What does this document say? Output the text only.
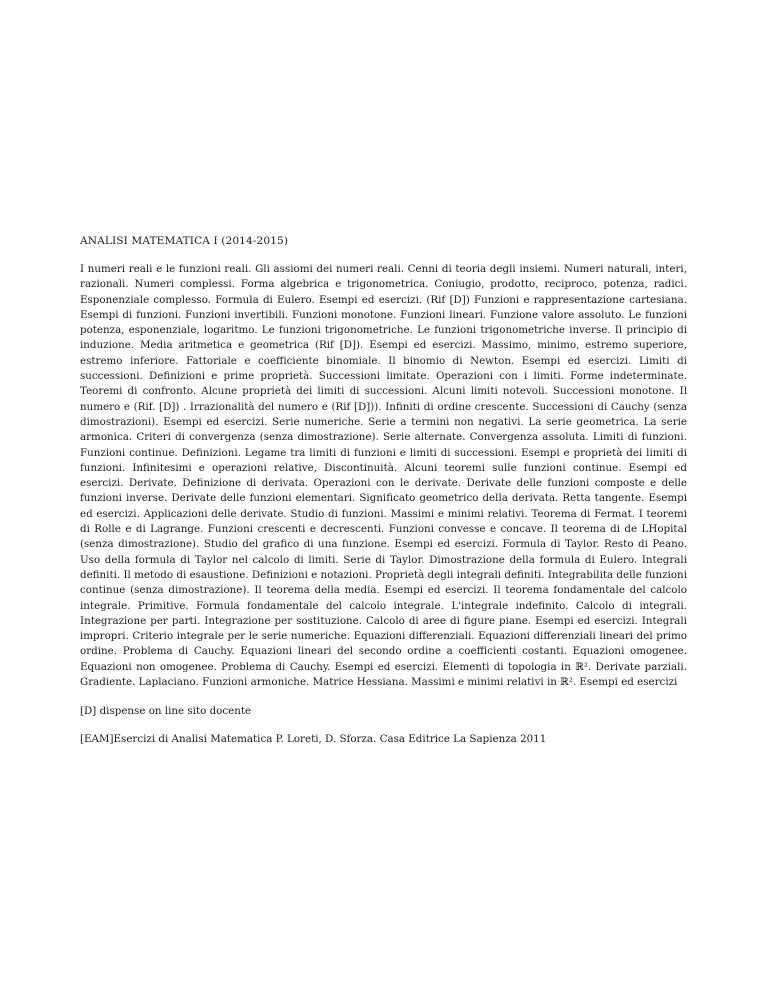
ANALISI MATEMATICA I (2014-2015)

I numeri reali e le funzioni reali. Gli assiomi dei numeri reali. Cenni di teoria degli insiemi. Numeri naturali, interi, razionali. Numeri complessi. Forma algebrica e trigonometrica. Coniugio, prodotto, reciproco, potenza, radici. Esponenziale complesso. Formula di Eulero. Esempi ed esercizi. (Rif [D]) Funzioni e rappresentazione cartesiana. Esempi di funzioni. Funzioni invertibili. Funzioni monotone. Funzioni lineari. Funzione valore assoluto. Le funzioni potenza, esponenziale, logaritmo. Le funzioni trigonometriche. Le funzioni trigonometriche inverse. Il principio di induzione. Media aritmetica e geometrica (Rif [D]). Esempi ed esercizi. Massimo, minimo, estremo superiore, estremo inferiore. Fattoriale e coefficiente binomiale. Il binomio di Newton. Esempi ed esercizi. Limiti di successioni. Definizioni e prime proprietà. Successioni limitate. Operazioni con i limiti. Forme indeterminate. Teoremi di confronto. Alcune proprietà dei limiti di successioni. Alcuni limiti notevoli. Successioni monotone. Il numero e (Rif. [D]) . Irrazionalità del numero e (Rif [D])). Infiniti di ordine crescente. Successioni di Cauchy (senza dimostrazioni). Esempi ed esercizi. Serie numeriche. Serie a termini non negativi. La serie geometrica. La serie armonica. Criteri di convergenza (senza dimostrazione). Serie alternate. Convergenza assoluta. Limiti di funzioni. Funzioni continue. Definizioni. Legame tra limiti di funzioni e limiti di successioni. Esempi e proprietà dei limiti di funzioni. Infinitesimi e operazioni relative, Discontinuità. Alcuni teoremi sulle funzioni continue. Esempi ed esercizi. Derivate. Definizione di derivata. Operazioni con le derivate. Derivate delle funzioni composte e delle funzioni inverse. Derivate delle funzioni elementari. Significato geometrico della derivata. Retta tangente. Esempi ed esercizi. Applicazioni delle derivate. Studio di funzioni. Massimi e minimi relativi. Teorema di Fermat. I teoremi di Rolle e di Lagrange. Funzioni crescenti e decrescenti. Funzioni convesse e concave. Il teorema di de LHopital (senza dimostrazione). Studio del grafico di una funzione. Esempi ed esercizi. Formula di Taylor. Resto di Peano. Uso della formula di Taylor nel calcolo di limiti. Serie di Taylor. Dimostrazione della formula di Eulero. Integrali definiti. Il metodo di esaustione. Definizioni e notazioni. Proprietà degli integrali definiti. Integrabilita delle funzioni continue (senza dimostrazione). Il teorema della media. Esempi ed esercizi. Il teorema fondamentale del calcolo integrale. Primitive. Formula fondamentale del calcolo integrale. L'integrale indefinito. Calcolo di integrali. Integrazione per parti. Integrazione per sostituzione. Calcolo di aree di figure piane. Esempi ed esercizi. Integrali impropri. Criterio integrale per le serie numeriche. Equazioni differenziali. Equazioni differenziali lineari del primo ordine. Problema di Cauchy. Equazioni lineari del secondo ordine a coefficienti costanti. Equazioni omogenee. Equazioni non omogenee. Problema di Cauchy. Esempi ed esercizi. Elementi di topologia in ℝ². Derivate parziali. Gradiente. Laplaciano. Funzioni armoniche. Matrice Hessiana. Massimi e minimi relativi in ℝ². Esempi ed esercizi

[D] dispense on line sito docente

[EAM]Esercizi di Analisi Matematica P. Loreti, D. Sforza. Casa Editrice La Sapienza 2011
